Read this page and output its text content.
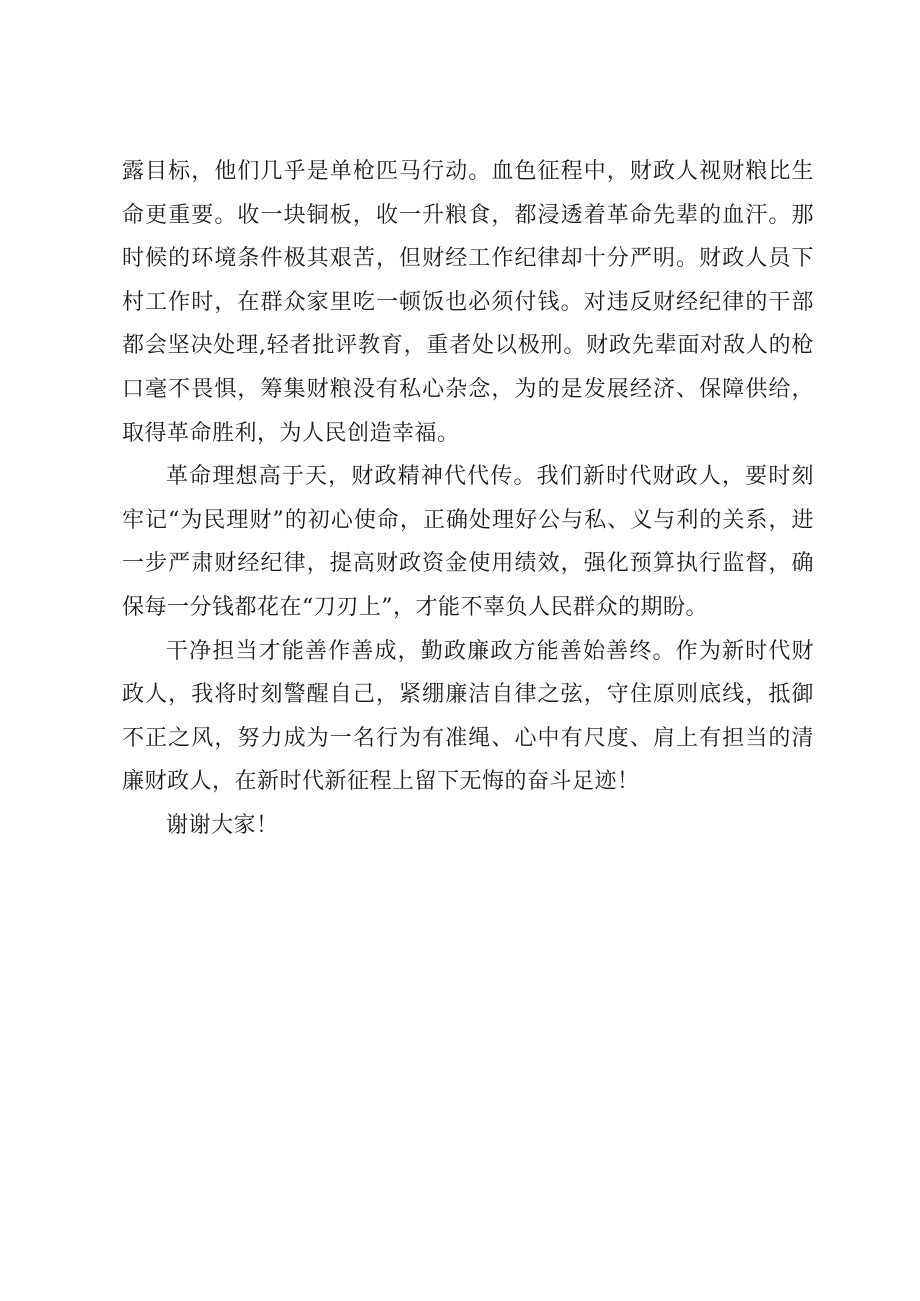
露目标，他们几乎是单枪匹马行动。血色征程中，财政人视财粮比生命更重要。收一块铜板，收一升粮食，都浸透着革命先辈的血汗。那时候的环境条件极其艰苦，但财经工作纪律却十分严明。财政人员下村工作时，在群众家里吃一顿饭也必须付钱。对违反财经纪律的干部都会坚决处理,轻者批评教育，重者处以极刑。财政先辈面对敌人的枪口毫不畏惧，筹集财粮没有私心杂念，为的是发展经济、保障供给，取得革命胜利，为人民创造幸福。

革命理想高于天，财政精神代代传。我们新时代财政人，要时刻牢记“为民理财”的初心使命，正确处理好公与私、义与利的关系，进一步严肃财经纪律，提高财政资金使用绩效，强化预算执行监督，确保每一分钱都花在“刀刃上”，才能不辜负人民群众的期盼。

干净担当才能善作善成，勤政廉政方能善始善终。作为新时代财政人，我将时刻警醒自己，紧绷廉洁自律之弦，守住原则底线，抵御不正之风，努力成为一名行为有准绳、心中有尺度、肩上有担当的清廉财政人，在新时代新征程上留下无悔的奋斗足迹！

谢谢大家！
